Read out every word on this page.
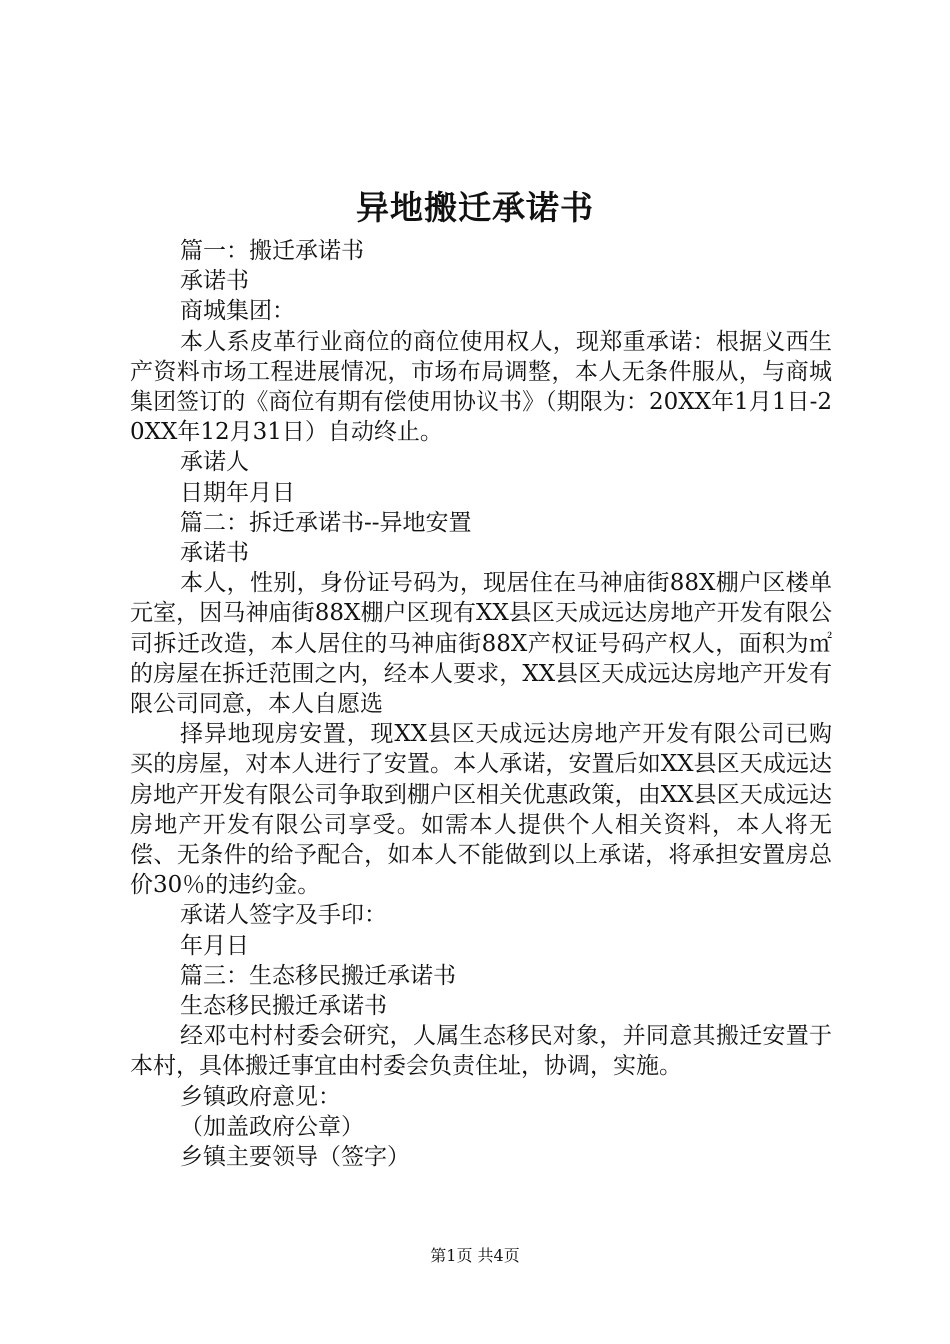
异地搬迁承诺书

篇一：搬迁承诺书

承诺书

商城集团：

本人系皮革行业商位的商位使用权人，现郑重承诺：根据义西生产资料市场工程进展情况，市场布局调整，本人无条件服从，与商城集团签订的《商位有期有偿使用协议书》（期限为：20XX年1月1日-20XX年12月31日）自动终止。

承诺人

日期年月日

篇二：拆迁承诺书--异地安置

承诺书

本人，性别，身份证号码为，现居住在马神庙街88X棚户区楼单元室，因马神庙街88X棚户区现有XX县区天成远达房地产开发有限公司拆迁改造，本人居住的马神庙街88X产权证号码产权人，面积为㎡的房屋在拆迁范围之内，经本人要求，XX县区天成远达房地产开发有限公司同意，本人自愿选

择异地现房安置，现XX县区天成远达房地产开发有限公司已购买的房屋，对本人进行了安置。本人承诺，安置后如XX县区天成远达房地产开发有限公司争取到棚户区相关优惠政策，由XX县区天成远达房地产开发有限公司享受。如需本人提供个人相关资料，本人将无偿、无条件的给予配合，如本人不能做到以上承诺，将承担安置房总价30％的违约金。

承诺人签字及手印：

年月日

篇三：生态移民搬迁承诺书

生态移民搬迁承诺书

经邓屯村村委会研究，人属生态移民对象，并同意其搬迁安置于本村，具体搬迁事宜由村委会负责住址，协调，实施。

乡镇政府意见：

（加盖政府公章）

乡镇主要领导（签字）

第1页 共4页
